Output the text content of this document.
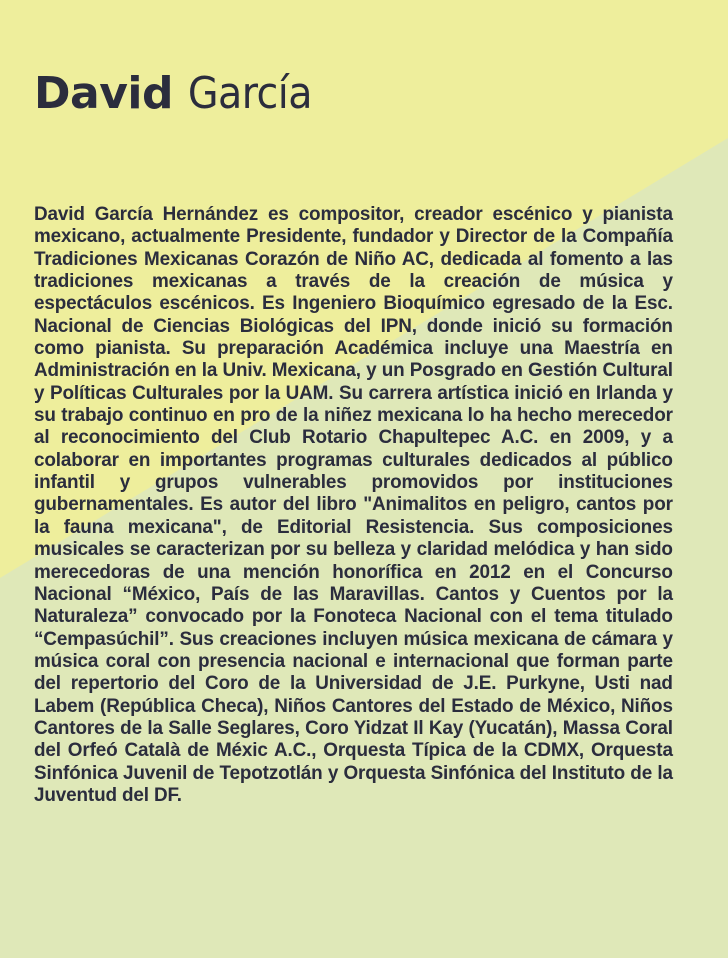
David García

David García Hernández es compositor, creador escénico y pianista mexicano, actualmente Presidente, fundador y Director de la Compañía Tradiciones Mexicanas Corazón de Niño AC, dedicada al fomento a las tradiciones mexicanas a través de la creación de música y espectáculos escénicos. Es Ingeniero Bioquímico egresado de la Esc. Nacional de Ciencias Biológicas del IPN, donde inició su formación como pianista. Su preparación Académica incluye una Maestría en Administración en la Univ. Mexicana, y un Posgrado en Gestión Cultural y Políticas Culturales por la UAM. Su carrera artística inició en Irlanda y su trabajo continuo en pro de la niñez mexicana lo ha hecho merecedor al reconocimiento del Club Rotario Chapultepec A.C. en 2009, y a colaborar en importantes programas culturales dedicados al público infantil y grupos vulnerables promovidos por instituciones gubernamentales. Es autor del libro "Animalitos en peligro, cantos por la fauna mexicana", de Editorial Resistencia. Sus composiciones musicales se caracterizan por su belleza y claridad melódica y han sido merecedoras de una mención honorífica en 2012 en el Concurso Nacional “México, País de las Maravillas. Cantos y Cuentos por la Naturaleza” convocado por la Fonoteca Nacional con el tema titulado “Cempasúchil”. Sus creaciones incluyen música mexicana de cámara y música coral con presencia nacional e internacional que forman parte del repertorio del Coro de la Universidad de J.E. Purkyne, Usti nad Labem (República Checa), Niños Cantores del Estado de México, Niños Cantores de la Salle Seglares, Coro Yidzat Il Kay (Yucatán), Massa Coral del Orfeó Català de Méxic A.C., Orquesta Típica de la CDMX, Orquesta Sinfónica Juvenil de Tepotzotlán y Orquesta Sinfónica del Instituto de la Juventud del DF.
